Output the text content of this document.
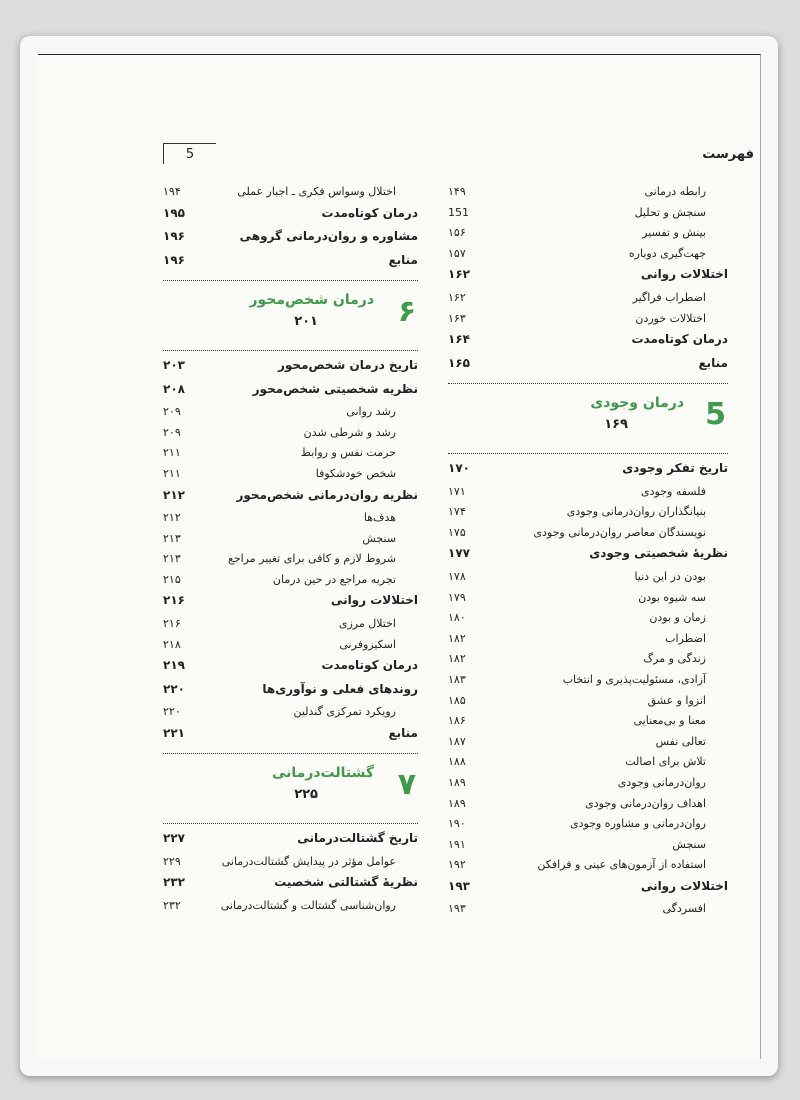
5	فهرست
رابطه درمانی
۱۴۹
سنجش و تحلیل
151
بینش و تفسیر
۱۵۶
جهت‌گیری دوباره
۱۵۷
اختلالات روانی
۱۶۲
اضطراب فراگیر
۱۶۲
اختلالات خوردن
۱۶۳
درمان کوتاه‌مدت
۱۶۴
منابع
۱۶۵
5
درمان وجودی
۱۶۹
تاریخ تفکر وجودی
۱۷۰
فلسفه وجودی
۱۷۱
بنیانگذاران روان‌درمانی وجودی
۱۷۴
نویسندگان معاصر روان‌درمانی وجودی
۱۷۵
نظریهٔ شخصیتی وجودی
۱۷۷
بودن در این دنیا
۱۷۸
سه شیوه بودن
۱۷۹
زمان و بودن
۱۸۰
اضطراب
۱۸۲
زندگی و مرگ
۱۸۲
آزادی، مسئولیت‌پذیری و انتخاب
۱۸۳
انزوا و عشق
۱۸۵
معنا و بی‌معنایی
۱۸۶
تعالی نفس
۱۸۷
تلاش برای اصالت
۱۸۸
روان‌درمانی وجودی
۱۸۹
اهداف روان‌درمانی وجودی
۱۸۹
روان‌درمانی و مشاوره وجودی
۱۹۰
سنجش
۱۹۱
استفاده از آزمون‌های عینی و فرافکن
۱۹۲
اختلالات روانی
۱۹۳
افسردگی
۱۹۳
اختلال وسواس فکری ـ اجبار عملی
۱۹۴
درمان کوتاه‌مدت
۱۹۵
مشاوره و روان‌درمانی گروهی
۱۹۶
منابع
۱۹۶
۶
درمان شخص‌محور
۲۰۱
تاریخ درمان شخص‌محور
۲۰۳
نظریه شخصیتی شخص‌محور
۲۰۸
رشد روانی
۲۰۹
رشد و شرطی شدن
۲۰۹
حرمت نفس و روابط
۲۱۱
شخص خودشکوفا
۲۱۱
نظریه روان‌درمانی شخص‌محور
۲۱۲
هدف‌ها
۲۱۲
سنجش
۲۱۳
شروط لازم و کافی برای تغییر مراجع
۲۱۳
تجربه مراجع در حین درمان
۲۱۵
اختلالات روانی
۲۱۶
اختلال مرزی
۲۱۶
اسکیزوفرنی
۲۱۸
درمان کوتاه‌مدت
۲۱۹
روندهای فعلی و نوآوری‌ها
۲۲۰
رویکرد تمرکزی گندلین
۲۲۰
منابع
۲۲۱
۷
گشتالت‌درمانی
۲۲۵
تاریخ گشتالت‌درمانی
۲۲۷
عوامل مؤثر در پیدایش گشتالت‌درمانی
۲۲۹
نظریهٔ گشتالتی شخصیت
۲۳۲
روان‌شناسی گشتالت و گشتالت‌درمانی
۲۳۲
